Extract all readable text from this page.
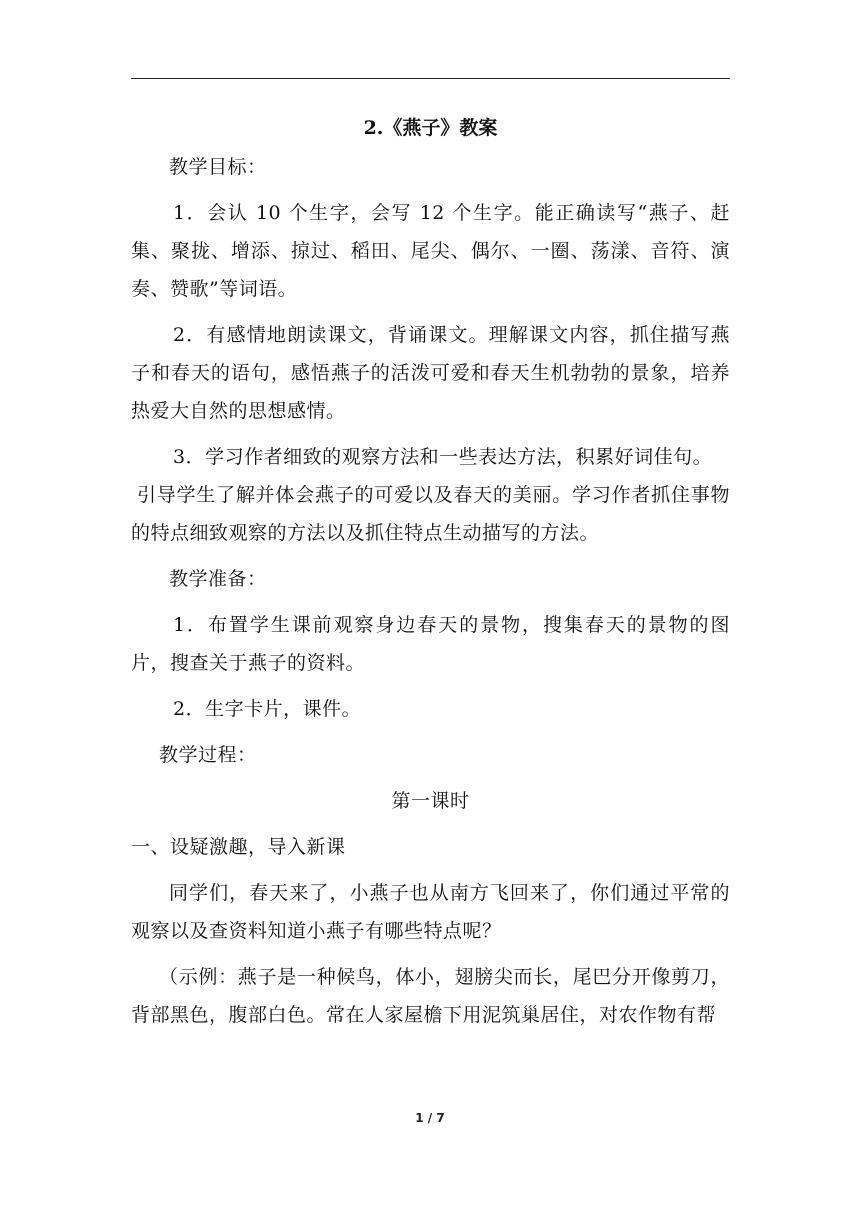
2.《燕子》教案

教学目标：

1．会认 10 个生字，会写 12 个生字。能正确读写“燕子、赶集、聚拢、增添、掠过、稻田、尾尖、偶尔、一圈、荡漾、音符、演奏、赞歌”等词语。

2．有感情地朗读课文，背诵课文。理解课文内容，抓住描写燕子和春天的语句，感悟燕子的活泼可爱和春天生机勃勃的景象，培养热爱大自然的思想感情。

3．学习作者细致的观察方法和一些表达方法，积累好词佳句。

引导学生了解并体会燕子的可爱以及春天的美丽。学习作者抓住事物的特点细致观察的方法以及抓住特点生动描写的方法。

教学准备：

1．布置学生课前观察身边春天的景物，搜集春天的景物的图片，搜查关于燕子的资料。

2．生字卡片，课件。

教学过程：

第一课时

一、设疑激趣，导入新课

同学们，春天来了，小燕子也从南方飞回来了，你们通过平常的观察以及查资料知道小燕子有哪些特点呢？

（示例：燕子是一种候鸟，体小，翅膀尖而长，尾巴分开像剪刀，背部黑色，腹部白色。常在人家屋檐下用泥筑巢居住，对农作物有帮

1 / 7
